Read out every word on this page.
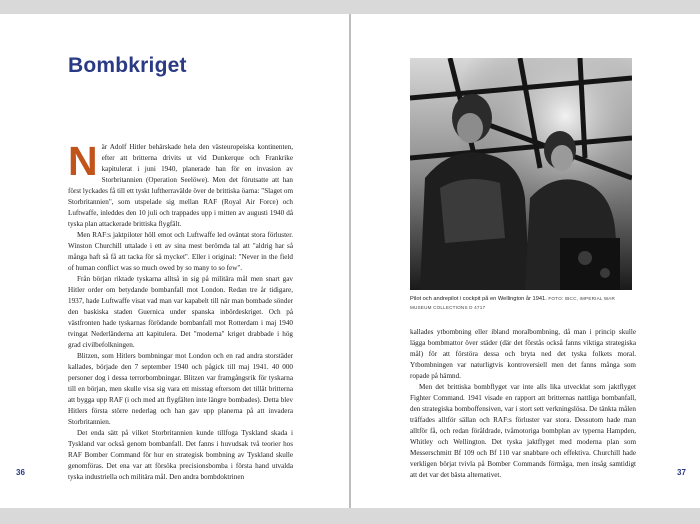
Bombkriget

När Adolf Hitler behärskade hela den västeuropeiska kontinenten, efter att britterna drivits ut vid Dunkerque och Frankrike kapitulerat i juni 1940, planerade han för en invasion av Storbritannien (Operation Seelöwe). Men det förutsatte att han först lyckades få till ett tyskt luftherravälde över de brittiska öarna: "Slaget om Storbritannien", som utspelade sig mellan RAF (Royal Air Force) och Luftwaffe, inleddes den 10 juli och trappades upp i mitten av augusti 1940 då tyska plan attackerade brittiska flygfält.

Men RAF:s jaktpiloter höll emot och Luftwaffe led oväntat stora förluster. Winston Churchill uttalade i ett av sina mest berömda tal att "aldrig har så många haft så få att tacka för så mycket". Eller i original: "Never in the field of human conflict was so much owed by so many to so few".

Från början riktade tyskarna alltså in sig på militära mål men snart gav Hitler order om betydande bombanfall mot London. Redan tre år tidigare, 1937, hade Luftwaffe visat vad man var kapabelt till när man bombade sönder den baskiska staden Guernica under spanska inbördeskriget. Och på västfronten hade tyskarnas förödande bombanfall mot Rotterdam i maj 1940 tvingat Nederländerna att kapitulera. Det "moderna" kriget drabbade i hög grad civilbefolkningen.

Blitzen, som Hitlers bombningar mot London och en rad andra storstäder kallades, började den 7 september 1940 och pågick till maj 1941. 40 000 personer dog i dessa terrorbombningar. Blitzen var framgångsrik för tyskarna till en början, men skulle visa sig vara ett misstag eftersom det tillät britterna att bygga upp RAF (i och med att flygfälten inte längre bombades). Detta blev Hitlers första större nederlag och han gav upp planerna på att invadera Storbritannien.

Det enda sätt på vilket Storbritannien kunde tillfoga Tyskland skada i Tyskland var också genom bombanfall. Det fanns i huvudsak två teorier hos RAF Bomber Command för hur en strategisk bombning av Tyskland skulle genomföras. Det ena var att försöka precisionsbomba i första hand utvalda tyska industriella och militära mål. Den andra bombdoktrinen

36
Pilot och andrepilot i cockpit på en Wellington år 1941. FOTO: IBCC, IMPERIAL WAR MUSEUM COLLECTIONS D 4717

kallades ytbombning eller ibland moralbombning, då man i princip skulle lägga bombmattor över städer (där det förstås också fanns viktiga strategiska mål) för att förstöra dessa och bryta ned det tyska folkets moral. Ytbombningen var naturligtvis kontroversiell men det fanns många som ropade på hämnd.

Men det brittiska bombflyget var inte alls lika utvecklat som jaktflyget Fighter Command. 1941 visade en rapport att britternas nattliga bombanfall, den strategiska bomboffensiven, var i stort sett verkningslösa. De tänkta målen träffades alltför sällan och RAF:s förluster var stora. Dessutom hade man alltför få, och redan föråldrade, tvåmotoriga bombplan av typerna Hampden, Whitley och Wellington. Det tyska jaktflyget med moderna plan som Messerschmitt Bf 109 och Bf 110 var snabbare och effektiva. Churchill hade verkligen börjat tvivla på Bomber Commands förmåga, men insåg samtidigt att det var det bästa alternativet.	37
